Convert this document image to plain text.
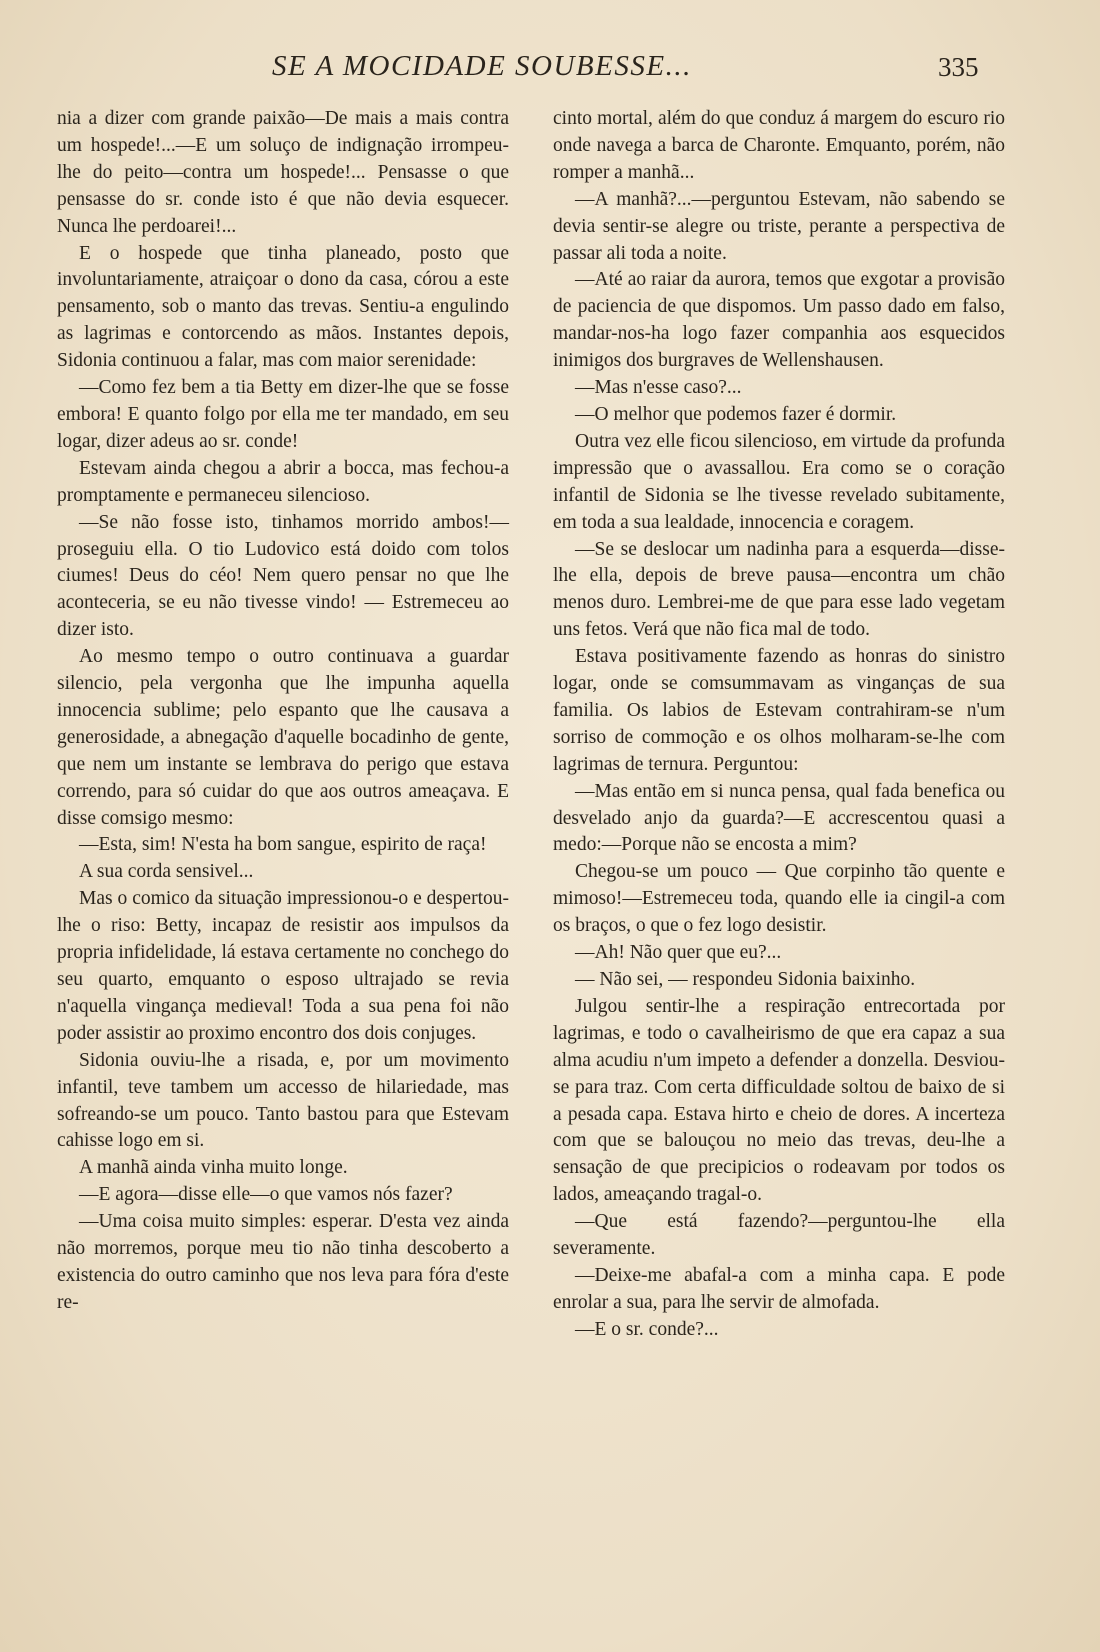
SE A MOCIDADE SOUBESSE...	335

nia a dizer com grande paixão—De mais a mais contra um hospede!...—E um soluço de indignação irrompeu-lhe do peito—contra um hospede!... Pensasse o que pensasse do sr. conde isto é que não devia esquecer. Nunca lhe perdoarei!...

E o hospede que tinha planeado, posto que involuntariamente, atraiçoar o dono da casa, córou a este pensamento, sob o manto das trevas. Sentiu-a engulindo as lagrimas e contorcendo as mãos. Instantes depois, Sidonia continuou a falar, mas com maior serenidade:

—Como fez bem a tia Betty em dizer-lhe que se fosse embora! E quanto folgo por ella me ter mandado, em seu logar, dizer adeus ao sr. conde!

Estevam ainda chegou a abrir a bocca, mas fechou-a promptamente e permaneceu silencioso.

—Se não fosse isto, tinhamos morrido ambos!—proseguiu ella. O tio Ludovico está doido com tolos ciumes! Deus do céo! Nem quero pensar no que lhe aconteceria, se eu não tivesse vindo! — Estremeceu ao dizer isto.

Ao mesmo tempo o outro continuava a guardar silencio, pela vergonha que lhe impunha aquella innocencia sublime; pelo espanto que lhe causava a generosidade, a abnegação d'aquelle bocadinho de gente, que nem um instante se lembrava do perigo que estava correndo, para só cuidar do que aos outros ameaçava. E disse comsigo mesmo:

—Esta, sim! N'esta ha bom sangue, espirito de raça!

A sua corda sensivel...

Mas o comico da situação impressionou-o e despertou-lhe o riso: Betty, incapaz de resistir aos impulsos da propria infidelidade, lá estava certamente no conchego do seu quarto, emquanto o esposo ultrajado se revia n'aquella vingança medieval! Toda a sua pena foi não poder assistir ao proximo encontro dos dois conjuges.

Sidonia ouviu-lhe a risada, e, por um movimento infantil, teve tambem um accesso de hilariedade, mas sofreando-se um pouco. Tanto bastou para que Estevam cahisse logo em si.

A manhã ainda vinha muito longe.

—E agora—disse elle—o que vamos nós fazer?

—Uma coisa muito simples: esperar. D'esta vez ainda não morremos, porque meu tio não tinha descoberto a existencia do outro caminho que nos leva para fóra d'este re-

cinto mortal, além do que conduz á margem do escuro rio onde navega a barca de Charonte. Emquanto, porém, não romper a manhã...

—A manhã?...—perguntou Estevam, não sabendo se devia sentir-se alegre ou triste, perante a perspectiva de passar ali toda a noite.

—Até ao raiar da aurora, temos que exgotar a provisão de paciencia de que dispomos. Um passo dado em falso, mandar-nos-ha logo fazer companhia aos esquecidos inimigos dos burgraves de Wellenshausen.

—Mas n'esse caso?...

—O melhor que podemos fazer é dormir.

Outra vez elle ficou silencioso, em virtude da profunda impressão que o avassallou. Era como se o coração infantil de Sidonia se lhe tivesse revelado subitamente, em toda a sua lealdade, innocencia e coragem.

—Se se deslocar um nadinha para a esquerda—disse-lhe ella, depois de breve pausa—encontra um chão menos duro. Lembrei-me de que para esse lado vegetam uns fetos. Verá que não fica mal de todo.

Estava positivamente fazendo as honras do sinistro logar, onde se comsummavam as vinganças de sua familia. Os labios de Estevam contrahiram-se n'um sorriso de commoção e os olhos molharam-se-lhe com lagrimas de ternura. Perguntou:

—Mas então em si nunca pensa, qual fada benefica ou desvelado anjo da guarda?—E accrescentou quasi a medo:—Porque não se encosta a mim?

Chegou-se um pouco — Que corpinho tão quente e mimoso!—Estremeceu toda, quando elle ia cingil-a com os braços, o que o fez logo desistir.

—Ah! Não quer que eu?...

— Não sei, — respondeu Sidonia baixinho.

Julgou sentir-lhe a respiração entrecortada por lagrimas, e todo o cavalheirismo de que era capaz a sua alma acudiu n'um impeto a defender a donzella. Desviou-se para traz. Com certa difficuldade soltou de baixo de si a pesada capa. Estava hirto e cheio de dores. A incerteza com que se balouçou no meio das trevas, deu-lhe a sensação de que precipicios o rodeavam por todos os lados, ameaçando tragal-o.

—Que está fazendo?—perguntou-lhe ella severamente.

—Deixe-me abafal-a com a minha capa. E pode enrolar a sua, para lhe servir de almofada.

—E o sr. conde?...
